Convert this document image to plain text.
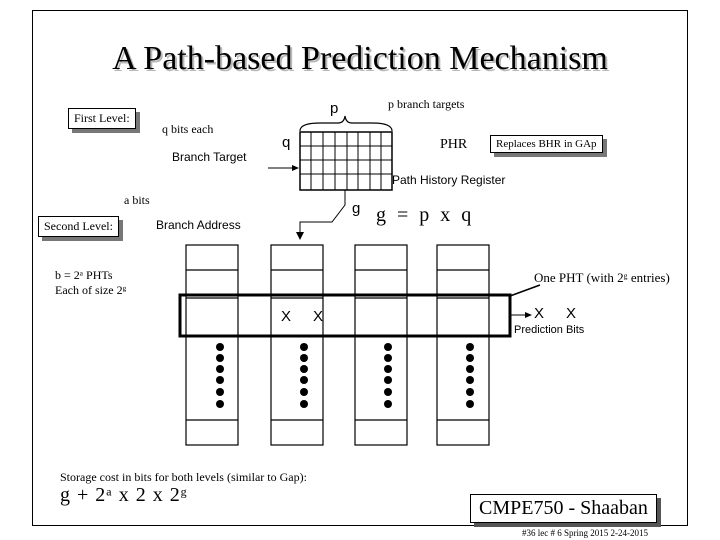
A Path-based Prediction Mechanism
p
q
Branch Target
Path History Register
g
Branch Address
X X	X X
Prediction Bits
p branch targets
First Level:
q bits each
PHR	Replaces BHR in GAp
a bits
g = p x q
Second Level:
b = 2ᵃ PHTs
Each of size 2ᵍ
One PHT (with 2ᵍ entries)
Storage cost in bits for both levels (similar to Gap):
g + 2ᵃ x 2 x 2ᵍ
CMPE750 - Shaaban
#36 lec # 6 Spring 2015 2-24-2015
